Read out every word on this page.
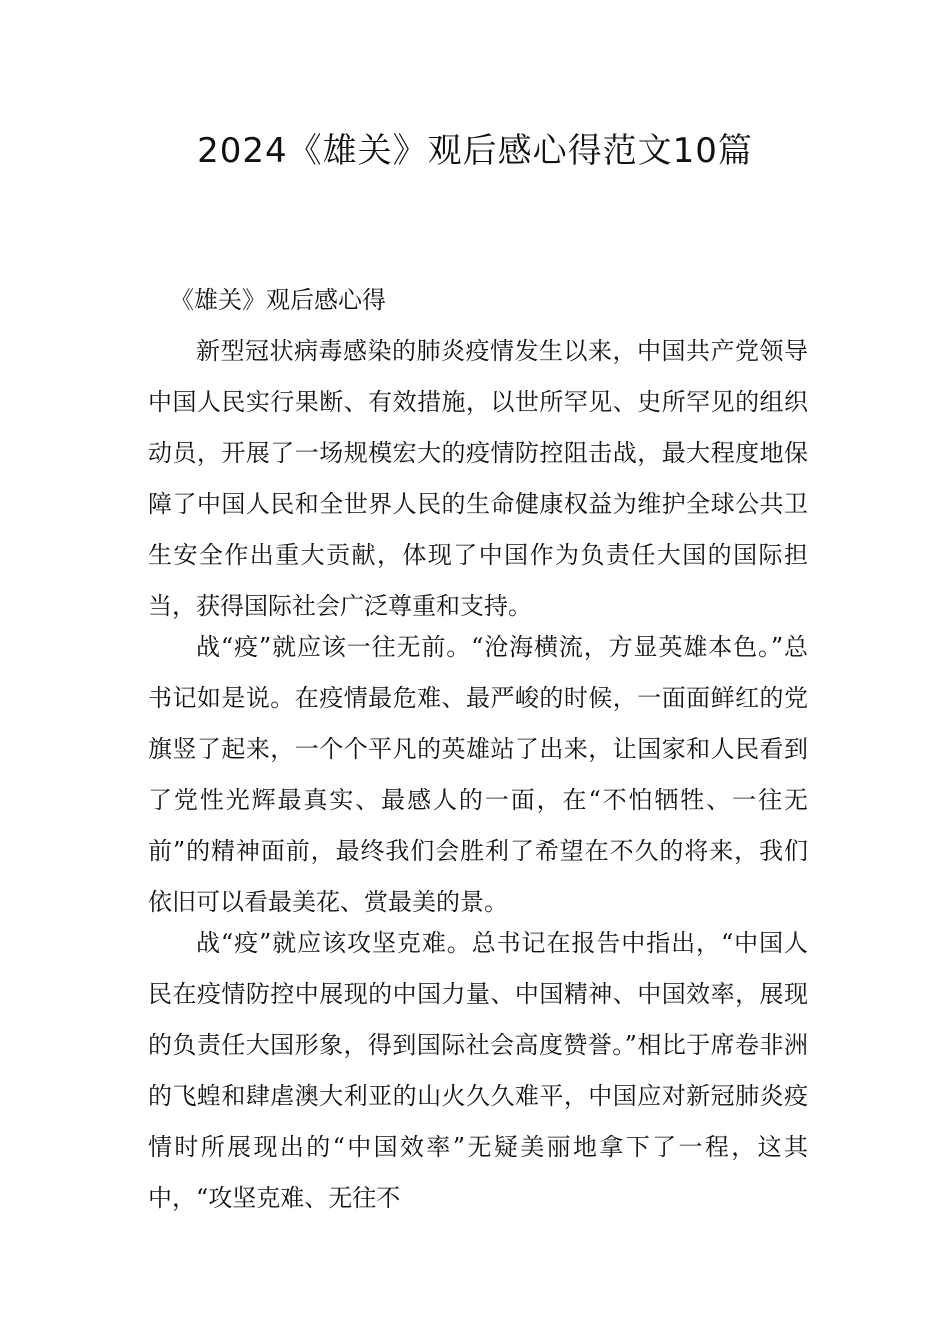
2024《雄关》观后感心得范文10篇
《雄关》观后感心得

新型冠状病毒感染的肺炎疫情发生以来，中国共产党领导中国人民实行果断、有效措施，以世所罕见、史所罕见的组织动员，开展了一场规模宏大的疫情防控阻击战，最大程度地保障了中国人民和全世界人民的生命健康权益为维护全球公共卫生安全作出重大贡献，体现了中国作为负责任大国的国际担当，获得国际社会广泛尊重和支持。

战“疫”就应该一往无前。“沧海横流，方显英雄本色。”总书记如是说。在疫情最危难、最严峻的时候，一面面鲜红的党旗竖了起来，一个个平凡的英雄站了出来，让国家和人民看到了党性光辉最真实、最感人的一面，在“不怕牺牲、一往无前”的精神面前，最终我们会胜利了希望在不久的将来，我们依旧可以看最美花、赏最美的景。

战“疫”就应该攻坚克难。总书记在报告中指出，“中国人民在疫情防控中展现的中国力量、中国精神、中国效率，展现的负责任大国形象，得到国际社会高度赞誉。”相比于席卷非洲的飞蝗和肆虐澳大利亚的山火久久难平，中国应对新冠肺炎疫情时所展现出的“中国效率”无疑美丽地拿下了一程，这其中，“攻坚克难、无往不
